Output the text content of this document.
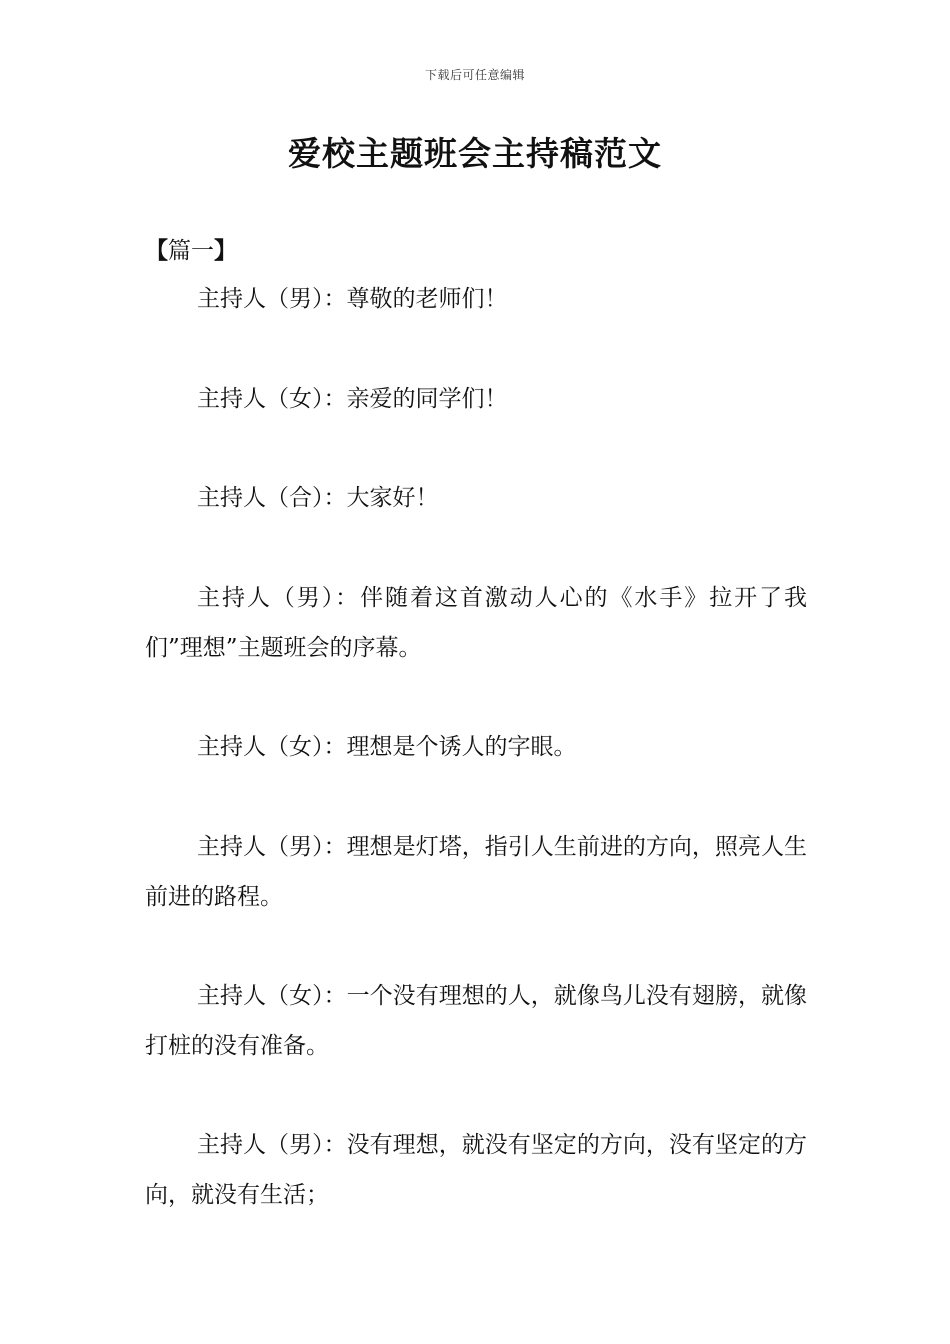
下载后可任意编辑
爱校主题班会主持稿范文
【篇一】

主持人（男）：尊敬的老师们！

主持人（女）：亲爱的同学们！

主持人（合）：大家好！

主持人（男）：伴随着这首激动人心的《水手》拉开了我们”理想”主题班会的序幕。

主持人（女）：理想是个诱人的字眼。

主持人（男）：理想是灯塔，指引人生前进的方向，照亮人生前进的路程。

主持人（女）：一个没有理想的人，就像鸟儿没有翅膀，就像打桩的没有准备。

主持人（男）：没有理想，就没有坚定的方向，没有坚定的方向，就没有生活；
